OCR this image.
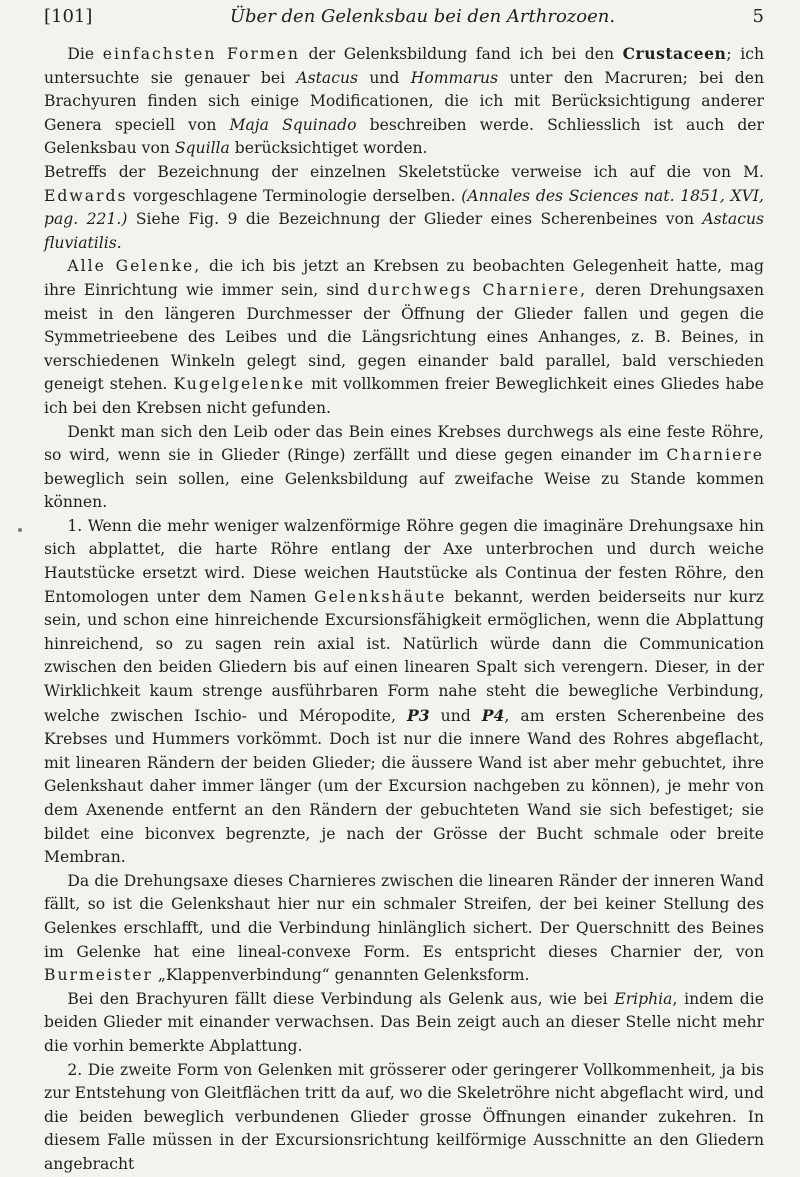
[101]	Über den Gelenksbau bei den Arthrozoen.	5

Die einfachsten Formen der Gelenksbildung fand ich bei den Crustaceen; ich untersuchte sie genauer bei Astacus und Hommarus unter den Macruren; bei den Brachyuren finden sich einige Modificationen, die ich mit Berücksichtigung anderer Genera speciell von Maja Squinado beschreiben werde. Schliesslich ist auch der Gelenksbau von Squilla berücksichtiget worden.

Betreffs der Bezeichnung der einzelnen Skeletstücke verweise ich auf die von M. Edwards vorgeschlagene Terminologie derselben. (Annales des Sciences nat. 1851, XVI, pag. 221.) Siehe Fig. 9 die Bezeichnung der Glieder eines Scherenbeines von Astacus fluviatilis.

Alle Gelenke, die ich bis jetzt an Krebsen zu beobachten Gelegenheit hatte, mag ihre Einrichtung wie immer sein, sind durchwegs Charniere, deren Drehungsaxen meist in den längeren Durchmesser der Öffnung der Glieder fallen und gegen die Symmetrieebene des Leibes und die Längsrichtung eines Anhanges, z. B. Beines, in verschiedenen Winkeln gelegt sind, gegen einander bald parallel, bald verschieden geneigt stehen. Kugelgelenke mit vollkommen freier Beweglichkeit eines Gliedes habe ich bei den Krebsen nicht gefunden.

Denkt man sich den Leib oder das Bein eines Krebses durchwegs als eine feste Röhre, so wird, wenn sie in Glieder (Ringe) zerfällt und diese gegen einander im Charniere beweglich sein sollen, eine Gelenksbildung auf zweifache Weise zu Stande kommen können.

1. Wenn die mehr weniger walzenförmige Röhre gegen die imaginäre Drehungsaxe hin sich abplattet, die harte Röhre entlang der Axe unterbrochen und durch weiche Hautstücke ersetzt wird. Diese weichen Hautstücke als Continua der festen Röhre, den Entomologen unter dem Namen Gelenkshäute bekannt, werden beiderseits nur kurz sein, und schon eine hinreichende Excursionsfähigkeit ermöglichen, wenn die Abplattung hinreichend, so zu sagen rein axial ist. Natürlich würde dann die Communication zwischen den beiden Gliedern bis auf einen linearen Spalt sich verengern. Dieser, in der Wirklichkeit kaum strenge ausführbaren Form nahe steht die bewegliche Verbindung, welche zwischen Ischio- und Méropodite, P3 und P4, am ersten Scherenbeine des Krebses und Hummers vorkömmt. Doch ist nur die innere Wand des Rohres abgeflacht, mit linearen Rändern der beiden Glieder; die äussere Wand ist aber mehr gebuchtet, ihre Gelenkshaut daher immer länger (um der Excursion nachgeben zu können), je mehr von dem Axenende entfernt an den Rändern der gebuchteten Wand sie sich befestiget; sie bildet eine biconvex begrenzte, je nach der Grösse der Bucht schmale oder breite Membran.

Da die Drehungsaxe dieses Charnieres zwischen die linearen Ränder der inneren Wand fällt, so ist die Gelenkshaut hier nur ein schmaler Streifen, der bei keiner Stellung des Gelenkes erschlafft, und die Verbindung hinlänglich sichert. Der Querschnitt des Beines im Gelenke hat eine lineal-convexe Form. Es entspricht dieses Charnier der, von Burmeister „Klappenverbindung“ genannten Gelenksform.

Bei den Brachyuren fällt diese Verbindung als Gelenk aus, wie bei Eriphia, indem die beiden Glieder mit einander verwachsen. Das Bein zeigt auch an dieser Stelle nicht mehr die vorhin bemerkte Abplattung.

2. Die zweite Form von Gelenken mit grösserer oder geringerer Vollkommenheit, ja bis zur Entstehung von Gleitflächen tritt da auf, wo die Skeletröhre nicht abgeflacht wird, und die beiden beweglich verbundenen Glieder grosse Öffnungen einander zukehren. In diesem Falle müssen in der Excursionsrichtung keilförmige Ausschnitte an den Gliedern angebracht
